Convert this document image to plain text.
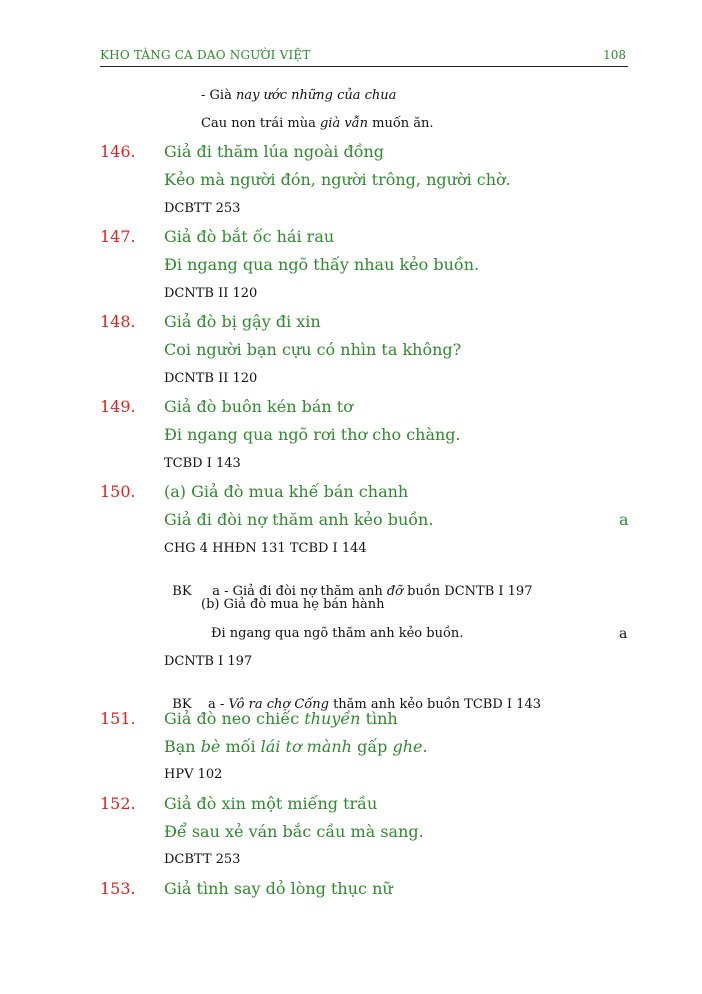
KHO TÀNG CA DAO NGƯỜI VIỆT	108
- Già nay ước những của chua
Cau non trái mùa già vẫn muốn ăn.
146. Giả đi thăm lúa ngoài đồng
Kẻo mà người đón, người trông, người chờ.
DCBTT 253
147. Giả đò bắt ốc hái rau
Đi ngang qua ngõ thấy nhau kẻo buồn.
DCNTB II 120
148. Giả đò bị gậy đi xin
Coi người bạn cựu có nhìn ta không?
DCNTB II 120
149. Giả đò buôn kén bán tơ
Đi ngang qua ngõ rơi thơ cho chàng.
TCBD I 143
150. (a) Giả đò mua khế bán chanh
Giả đi đòi nợ thăm anh kẻo buồn.	a
CHG 4 HHĐN 131 TCBD I 144

BK     a - Giả đi đòi nợ thăm anh đỡ buồn DCNTB I 197

(b) Giả đò mua hẹ bán hành
Đi ngang qua ngõ thăm anh kẻo buồn.	a
DCNTB I 197

BK    a - Vô ra chợ Cống thăm anh kẻo buồn TCBD I 143

151. Giả đò neo chiếc thuyền tình
Bạn bè mối lái tơ mành gấp ghe.
HPV 102
152. Giả đò xin một miếng trầu
Để sau xẻ ván bắc cầu mà sang.
DCBTT 253
153. Giả tình say dỏ lòng thục nữ
